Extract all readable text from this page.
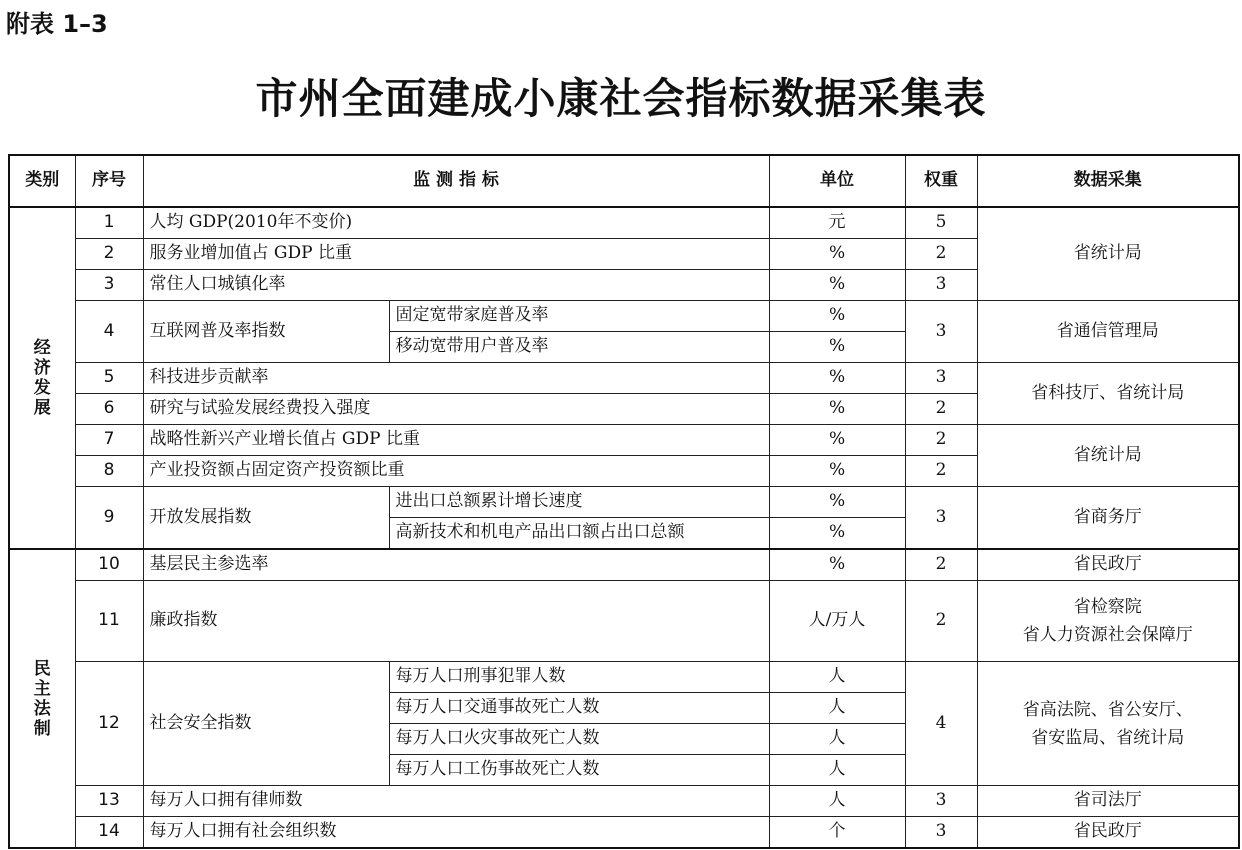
附表 1–3
市州全面建成小康社会指标数据采集表
类别	序号	监 测 指 标		单位	权重	数据采集

经
济
发
展	1	人均 GDP(2010年不变价)		元	5	省统计局
	2	服务业增加值占 GDP 比重		%	2	
	3	常住人口城镇化率		%	3	
	4	互联网普及率指数	固定宽带家庭普及率	%	3	省通信管理局
			移动宽带用户普及率	%		
	5	科技进步贡献率		%	3	省科技厅、省统计局
	6	研究与试验发展经费投入强度		%	2	
	7	战略性新兴产业增长值占 GDP 比重		%	2	省统计局
	8	产业投资额占固定资产投资额比重		%	2	
	9	开放发展指数	进出口总额累计增长速度	%	3	省商务厅
			高新技术和机电产品出口额占出口总额	%		

民
主
法
制	10	基层民主参选率		%	2	省民政厅
	11	廉政指数		人/万人	2	省检察院
省人力资源社会保障厅

	12	社会安全指数	每万人口刑事犯罪人数	人	4	省高法院、省公安厅、
省安监局、省统计局

			每万人口交通事故死亡人数	人		
			每万人口火灾事故死亡人数	人		
			每万人口工伤事故死亡人数	人		
	13	每万人口拥有律师数		人	3	省司法厅
	14	每万人口拥有社会组织数		个	3	省民政厅
